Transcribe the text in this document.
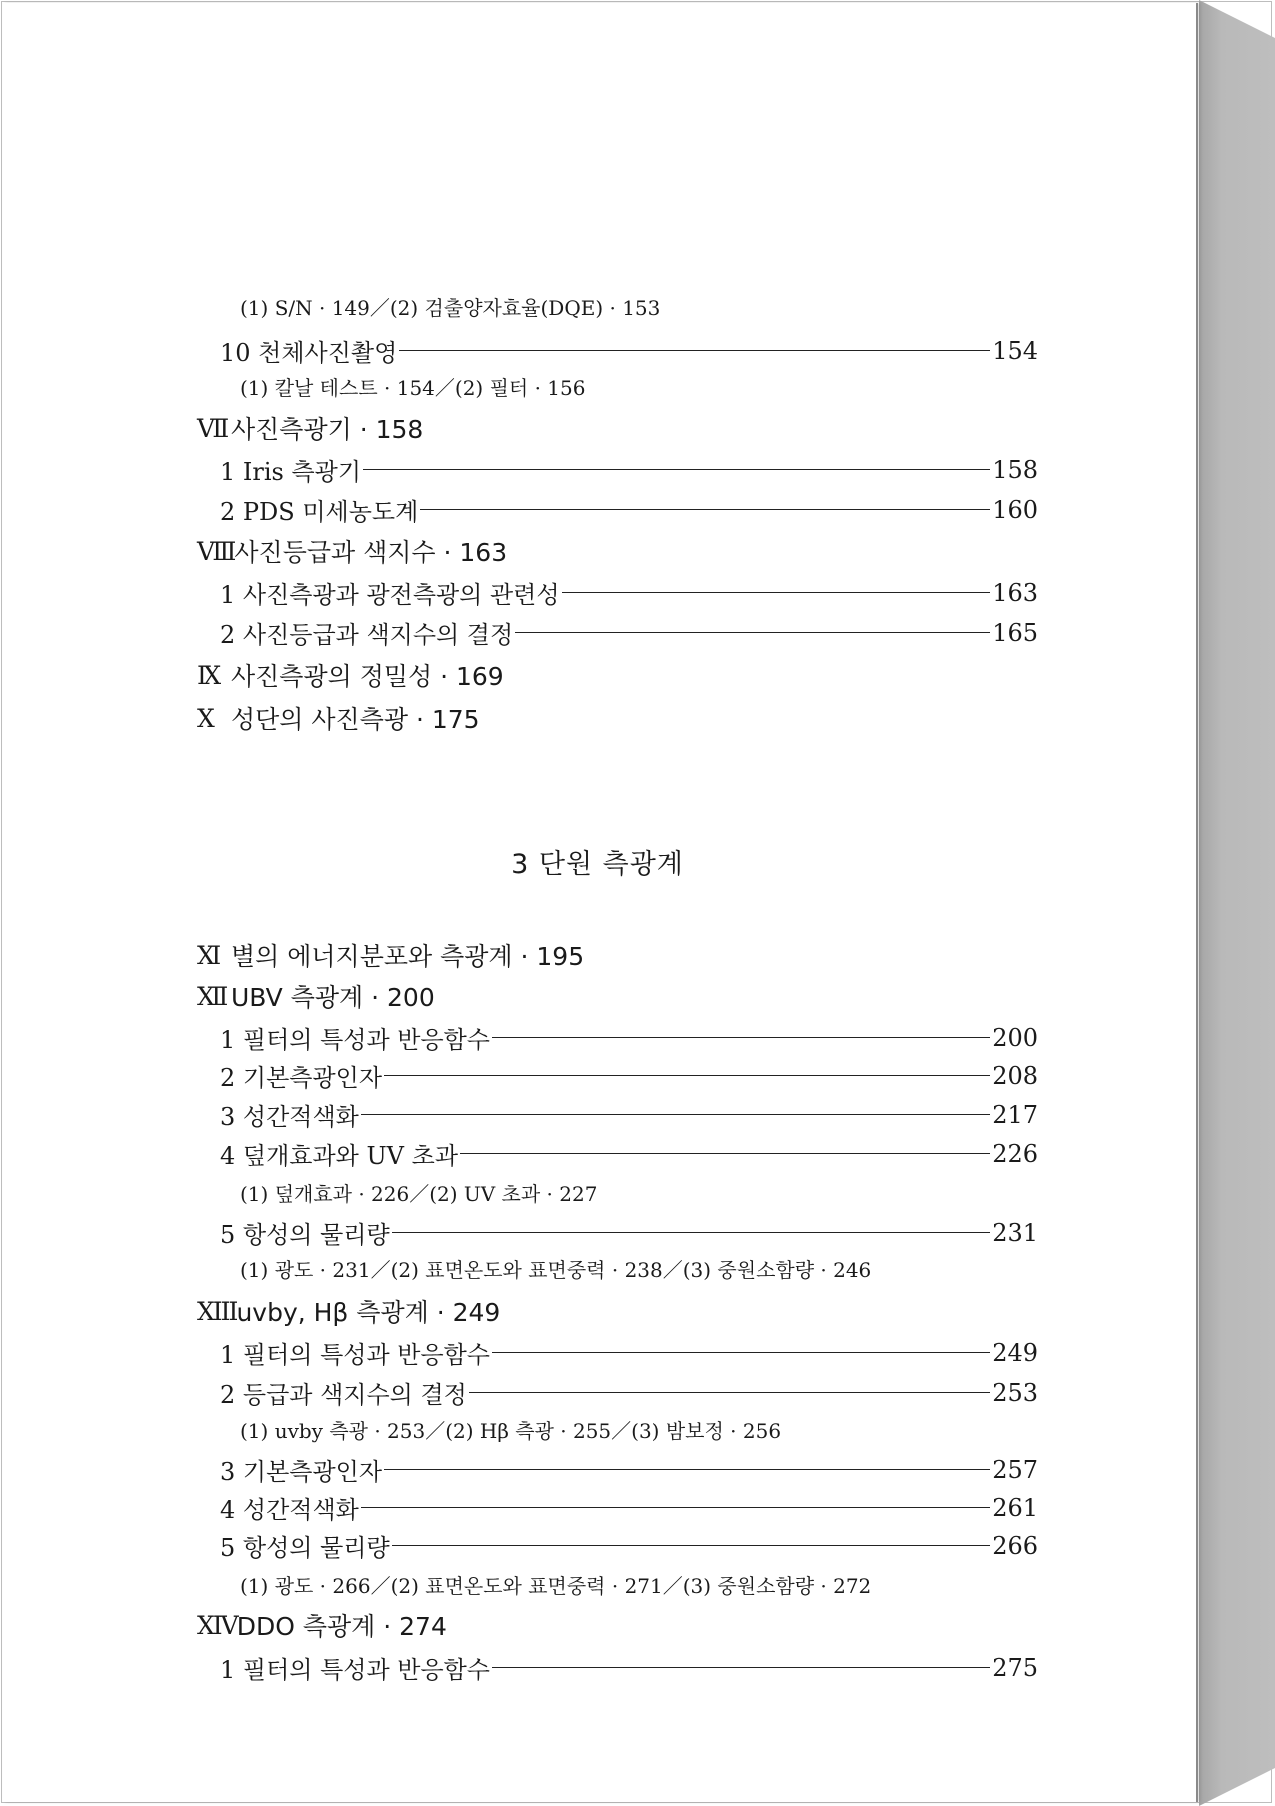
(1) S/N · 149／(2) 검출양자효율(DQE) · 153
10 천체사진촬영	154
(1) 칼날 테스트 · 154／(2) 필터 · 156
Ⅶ 사진측광기 · 158
1 Iris 측광기	158
2 PDS 미세농도계	160
Ⅷ 사진등급과 색지수 · 163
1 사진측광과 광전측광의 관련성	163
2 사진등급과 색지수의 결정	165
Ⅸ 사진측광의 정밀성 · 169
Ⅹ 성단의 사진측광 · 175
3 단원 측광계
Ⅺ 별의 에너지분포와 측광계 · 195
Ⅻ UBV 측광계 · 200
1 필터의 특성과 반응함수	200
2 기본측광인자	208
3 성간적색화	217
4 덮개효과와 UV 초과	226
(1) 덮개효과 · 226／(2) UV 초과 · 227
5 항성의 물리량	231
(1) 광도 · 231／(2) 표면온도와 표면중력 · 238／(3) 중원소함량 · 246
XIII uvby, Hβ 측광계 · 249
1 필터의 특성과 반응함수	249
2 등급과 색지수의 결정	253
(1) uvby 측광 · 253／(2) Hβ 측광 · 255／(3) 밤보정 · 256
3 기본측광인자	257
4 성간적색화	261
5 항성의 물리량	266
(1) 광도 · 266／(2) 표면온도와 표면중력 · 271／(3) 중원소함량 · 272
XIV DDO 측광계 · 274
1 필터의 특성과 반응함수	275
